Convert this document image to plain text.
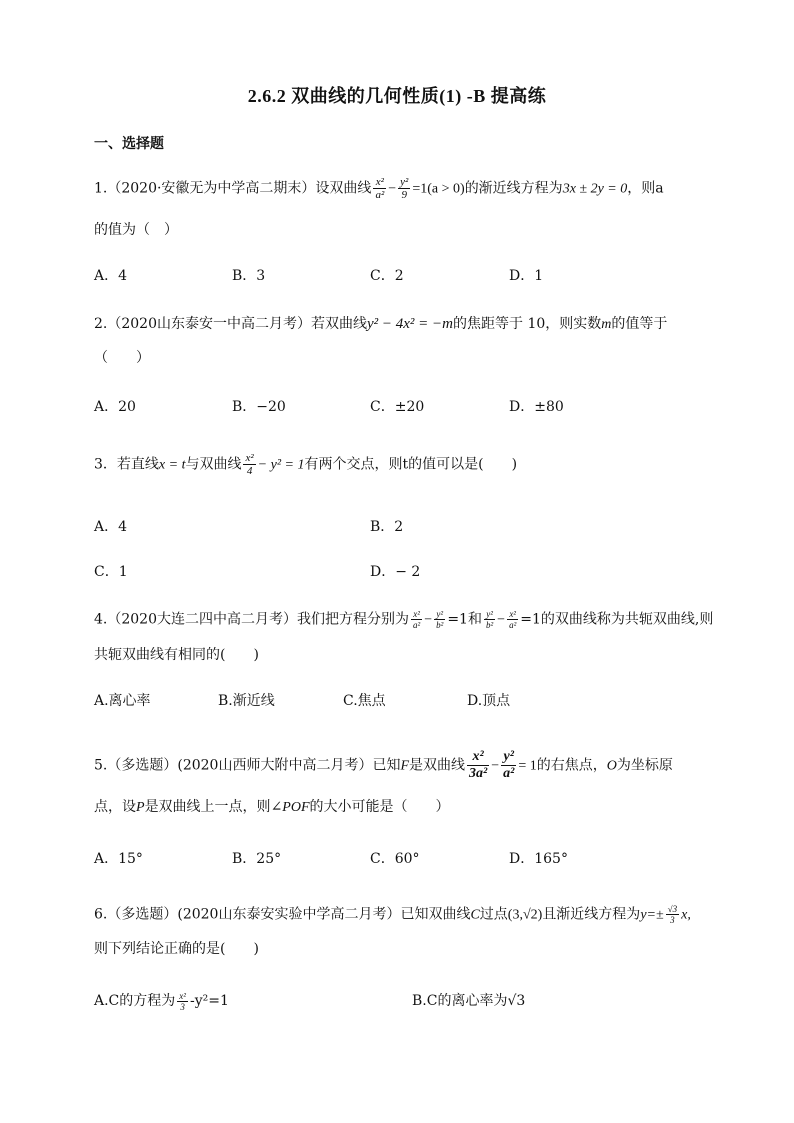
2.6.2 双曲线的几何性质(1) -B 提高练
一、选择题
1.（2020·安徽无为中学高二期末）设双曲线 $\frac{\text{x²}}{\text{a²}} - \frac{\text{y²}}{9} =1(a > 0)$的渐近线方程为3x ± 2y = 0，则a
的值为（　）
A．4	B．3	C．2	D．1
2.（2020山东泰安一中高二月考）若双曲线y² − 4x² = −m的焦距等于 10，则实数m的值等于
（　　）
A．20	B．−20	C．±20	D．±80
3．若直线x = t与双曲线 $\frac{\text{x²}}{4} - y^2 = 1$有两个交点，则t的值可以是(　　)
A．4	B．2
C．1	D．− 2
4.（2020大连二四中高二月考）我们把方程分别为 $\frac{\text{x²}}{\text{a²}} - \frac{\text{y²}}{\text{b²}} =1$和 $\frac{\text{y²}}{\text{b²}} - \frac{\text{x²}}{\text{a²}} =1$的双曲线称为共轭双曲线,则
共轭双曲线有相同的(　　)
A.离心率	B.渐近线	C.焦点	D.顶点
5.（多选题）(2020山西师大附中高二月考）已知F是双曲线 $\frac{\text{x²}}{\text{3a²}} - \frac{\text{y²}}{\text{a²}} = 1$的右焦点，O为坐标原
点，设P是双曲线上一点，则∠POF的大小可能是（　　）
A．15°	B．25°	C．60°	D．165°
6.（多选题）(2020山东泰安实验中学高二月考）已知双曲线C过点(3,√2)且渐近线方程为$y=\pm \frac{√3}{3} x$,
则下列结论正确的是(　　)
A.C的方程为 $\frac{\text{x²}}{3} -y^2=1$	B.C的离心率为√3
